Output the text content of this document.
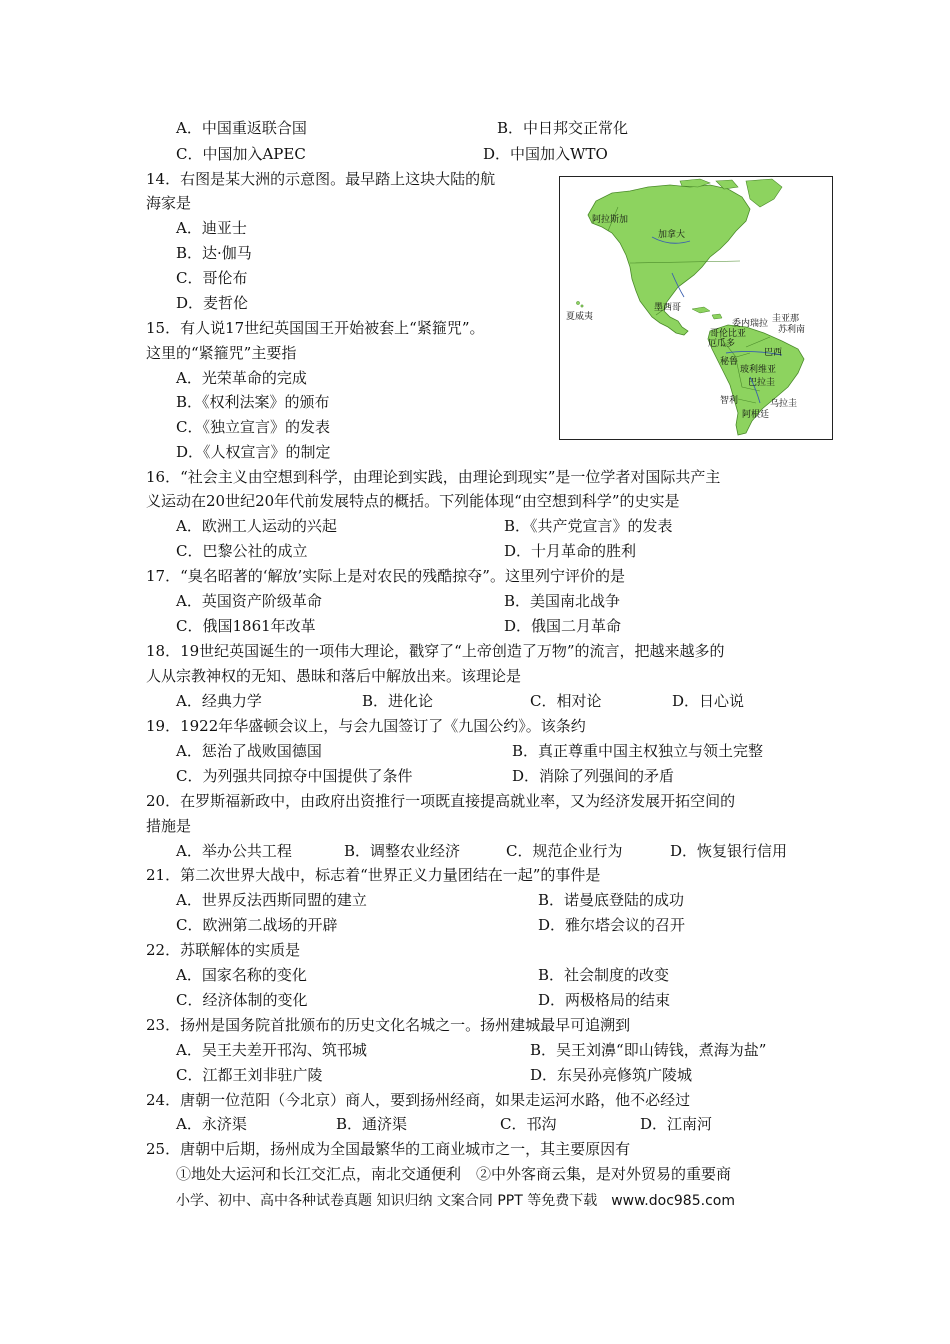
A．中国重返联合国	B．中日邦交正常化
C．中国加入APEC	D．中国加入WTO
14．右图是某大洲的示意图。最早踏上这块大陆的航
海家是
A．迪亚士
B．达·伽马
C．哥伦布
D．麦哲伦
阿拉斯加
加拿大
夏威夷
墨西哥
圭亚那
委内瑞拉
苏利南
哥伦比亚
厄瓜多
巴西
秘鲁
玻利维亚
巴拉圭
智利	乌拉圭
阿根廷
15．有人说17世纪英国国王开始被套上“紧箍咒”。
这里的“紧箍咒”主要指
A．光荣革命的完成
B．《权利法案》的颁布
C．《独立宣言》的发表
D．《人权宣言》的制定
16．“社会主义由空想到科学，由理论到实践，由理论到现实”是一位学者对国际共产主
义运动在20世纪20年代前发展特点的概括。下列能体现“由空想到科学”的史实是
A．欧洲工人运动的兴起	B．《共产党宣言》的发表
C．巴黎公社的成立	D．十月革命的胜利
17．“臭名昭著的‘解放’实际上是对农民的残酷掠夺”。这里列宁评价的是
A．英国资产阶级革命	B．美国南北战争
C．俄国1861年改革	D．俄国二月革命
18．19世纪英国诞生的一项伟大理论，戳穿了“上帝创造了万物”的流言，把越来越多的
人从宗教神权的无知、愚昧和落后中解放出来。该理论是
A．经典力学	B．进化论	C．相对论	D．日心说
19．1922年华盛顿会议上，与会九国签订了《九国公约》。该条约
A．惩治了战败国德国	B．真正尊重中国主权独立与领土完整
C．为列强共同掠夺中国提供了条件	D．消除了列强间的矛盾
20．在罗斯福新政中，由政府出资推行一项既直接提高就业率，又为经济发展开拓空间的
措施是
A．举办公共工程	B．调整农业经济	C．规范企业行为	D．恢复银行信用
21．第二次世界大战中，标志着“世界正义力量团结在一起”的事件是
A．世界反法西斯同盟的建立	B．诺曼底登陆的成功
C．欧洲第二战场的开辟	D．雅尔塔会议的召开
22．苏联解体的实质是
A．国家名称的变化	B．社会制度的改变
C．经济体制的变化	D．两极格局的结束
23．扬州是国务院首批颁布的历史文化名城之一。扬州建城最早可追溯到
A．吴王夫差开邗沟、筑邗城	B．吴王刘濞“即山铸钱，煮海为盐”
C．江都王刘非驻广陵	D．东吴孙亮修筑广陵城
24．唐朝一位范阳（今北京）商人，要到扬州经商，如果走运河水路，他不必经过
A．永济渠	B．通济渠	C．邗沟	D．江南河
25．唐朝中后期，扬州成为全国最繁华的工商业城市之一，其主要原因有
①地处大运河和长江交汇点，南北交通便利　②中外客商云集，是对外贸易的重要商
小学、初中、高中各种试卷真题 知识归纳 文案合同 PPT 等免费下载　www.doc985.com
